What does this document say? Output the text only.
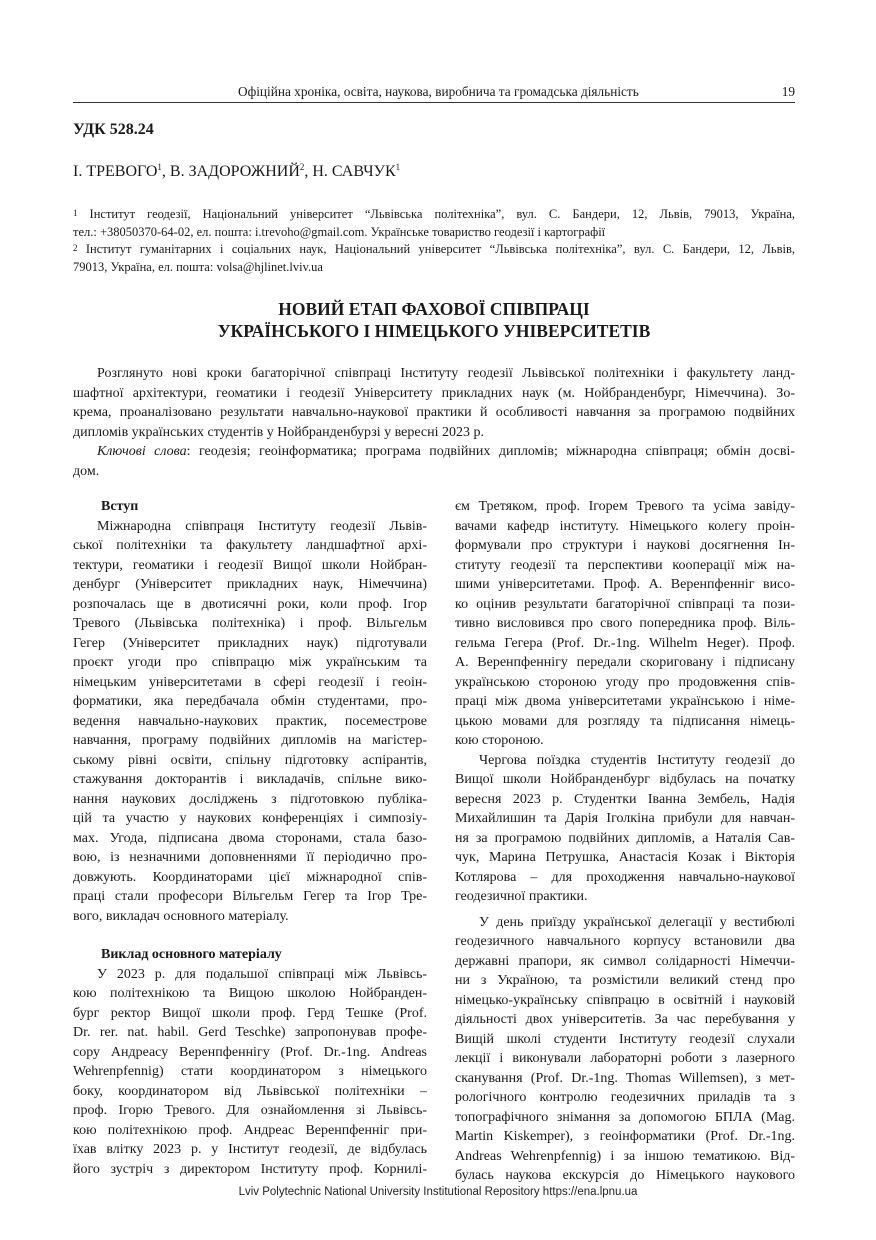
Офіційна хроніка, освіта, наукова, виробнича та громадська діяльність	19
УДК 528.24
І. ТРЕВОГО$^1$, В. ЗАДОРОЖНИЙ$^2$, Н. САВЧУК$^1$
$^1$ Інститут геодезії, Національний університет “Львівська політехніка”, вул. С. Бандери, 12, Львів, 79013, Україна,
тел.: +38050370-64-02, ел. пошта: i.trevoho@gmail.com. Українське товариство геодезії і картографії
$^2$ Інститут гуманітарних і соціальних наук, Національний університет “Львівська політехніка”, вул. С. Бандери, 12, Львів,
79013, Україна, ел. пошта: volsa@hjlinet.lviv.ua
НОВИЙ ЕТАП ФАХОВОЇ СПІВПРАЦІ
УКРАЇНСЬКОГО І НІМЕЦЬКОГО УНІВЕРСИТЕТІВ
Розглянуто нові кроки багаторічної співпраці Інституту геодезії Львівської політехніки і факультету ланд-
шафтної архітектури, геоматики і геодезії Університету прикладних наук (м. Нойбранденбург, Німеччина). Зо-
крема, проаналізовано результати навчально-наукової практики й особливості навчання за програмою подвійних
дипломів українських студентів у Нойбранденбурзі у вересні 2023 р.
Ключові слова: геодезія; геоінформатика; програма подвійних дипломів; міжнародна співпраця; обмін досві-
дом.
Вступ
Міжнародна співпраця Інституту геодезії Львів-
ської політехніки та факультету ландшафтної архі-
тектури, геоматики і геодезії Вищої школи Нойбран-
денбург (Університет прикладних наук, Німеччина)
розпочалась ще в двотисячні роки, коли проф. Ігор
Тревого (Львівська політехніка) і проф. Вільгельм
Гегер (Університет прикладних наук) підготували
проєкт угоди про співпрацю між українським та
німецьким університетами в сфері геодезії і геоін-
форматики, яка передбачала обмін студентами, про-
ведення навчально-наукових практик, посеместрове
навчання, програму подвійних дипломів на магістер-
ському рівні освіти, спільну підготовку аспірантів,
стажування докторантів і викладачів, спільне вико-
нання наукових досліджень з підготовкою публіка-
цій та участю у наукових конференціях і симпозіу-
мах. Угода, підписана двома сторонами, стала базо-
вою, із незначними доповненнями її періодично про-
довжують. Координаторами цієї міжнародної спів-
праці стали професори Вільгельм Гегер та Ігор Тре-
вого, викладач основного матеріалу.
Виклад основного матеріалу
У 2023 р. для подальшої співпраці між Львівсь-
кою політехнікою та Вищою школою Нойбранден-
бург ректор Вищої школи проф. Герд Тешке (Prof.
Dr. rer. nat. habil. Gerd Teschke) запропонував профе-
сору Андреасу Веренпфеннігу (Prof. Dr.-1ng. Andreas
Wehrenpfennig) стати координатором з німецького
боку, координатором від Львівської політехніки –
проф. Ігорю Тревого. Для ознайомлення зі Львівсь-
кою політехнікою проф. Андреас Веренпфенніг при-
їхав влітку 2023 р. у Інститут геодезії, де відбулась
його зустріч з директором Інституту проф. Корнилі-
єм Третяком, проф. Ігорем Тревого та усіма завіду-
вачами кафедр інституту. Німецького колегу проін-
формували про структури і наукові досягнення Ін-
ституту геодезії та перспективи кооперації між на-
шими університетами. Проф. А. Веренпфенніг висо-
ко оцінив результати багаторічної співпраці та пози-
тивно висловився про свого попередника проф. Віль-
гельма Гегера (Prof. Dr.-1ng. Wilhelm Heger). Проф.
А. Веренпфеннігу передали скориговану і підписану
українською стороною угоду про продовження спів-
праці між двома університетами українською і німе-
цькою мовами для розгляду та підписання німець-
кою стороною.
Чергова поїздка студентів Інституту геодезії до
Вищої школи Нойбранденбург відбулась на початку
вересня 2023 р. Студентки Іванна Зембель, Надія
Михайлишин та Дарія Іголкіна прибули для навчан-
ня за програмою подвійних дипломів, а Наталія Сав-
чук, Марина Петрушка, Анастасія Козак і Вікторія
Котлярова – для проходження навчально-наукової
геодезичної практики.
У день приїзду української делегації у вестибюлі
геодезичного навчального корпусу встановили два
державні прапори, як символ солідарності Німеччи-
ни з Україною, та розмістили великий стенд про
німецько-українську співпрацю в освітній і науковій
діяльності двох університетів. За час перебування у
Вищій школі студенти Інституту геодезії слухали
лекції і виконували лабораторні роботи з лазерного
сканування (Prof. Dr.-1ng. Thomas Willemsen), з мет-
рологічного контролю геодезичних приладів та з
топографічного знімання за допомогою БПЛА (Mag.
Martin Kiskemper), з геоінформатики (Prof. Dr.-1ng.
Andreas Wehrenpfennig) і за іншою тематикою. Від-
булась наукова екскурсія до Німецького наукового
Lviv Polytechnic National University Institutional Repository https://ena.lpnu.ua
